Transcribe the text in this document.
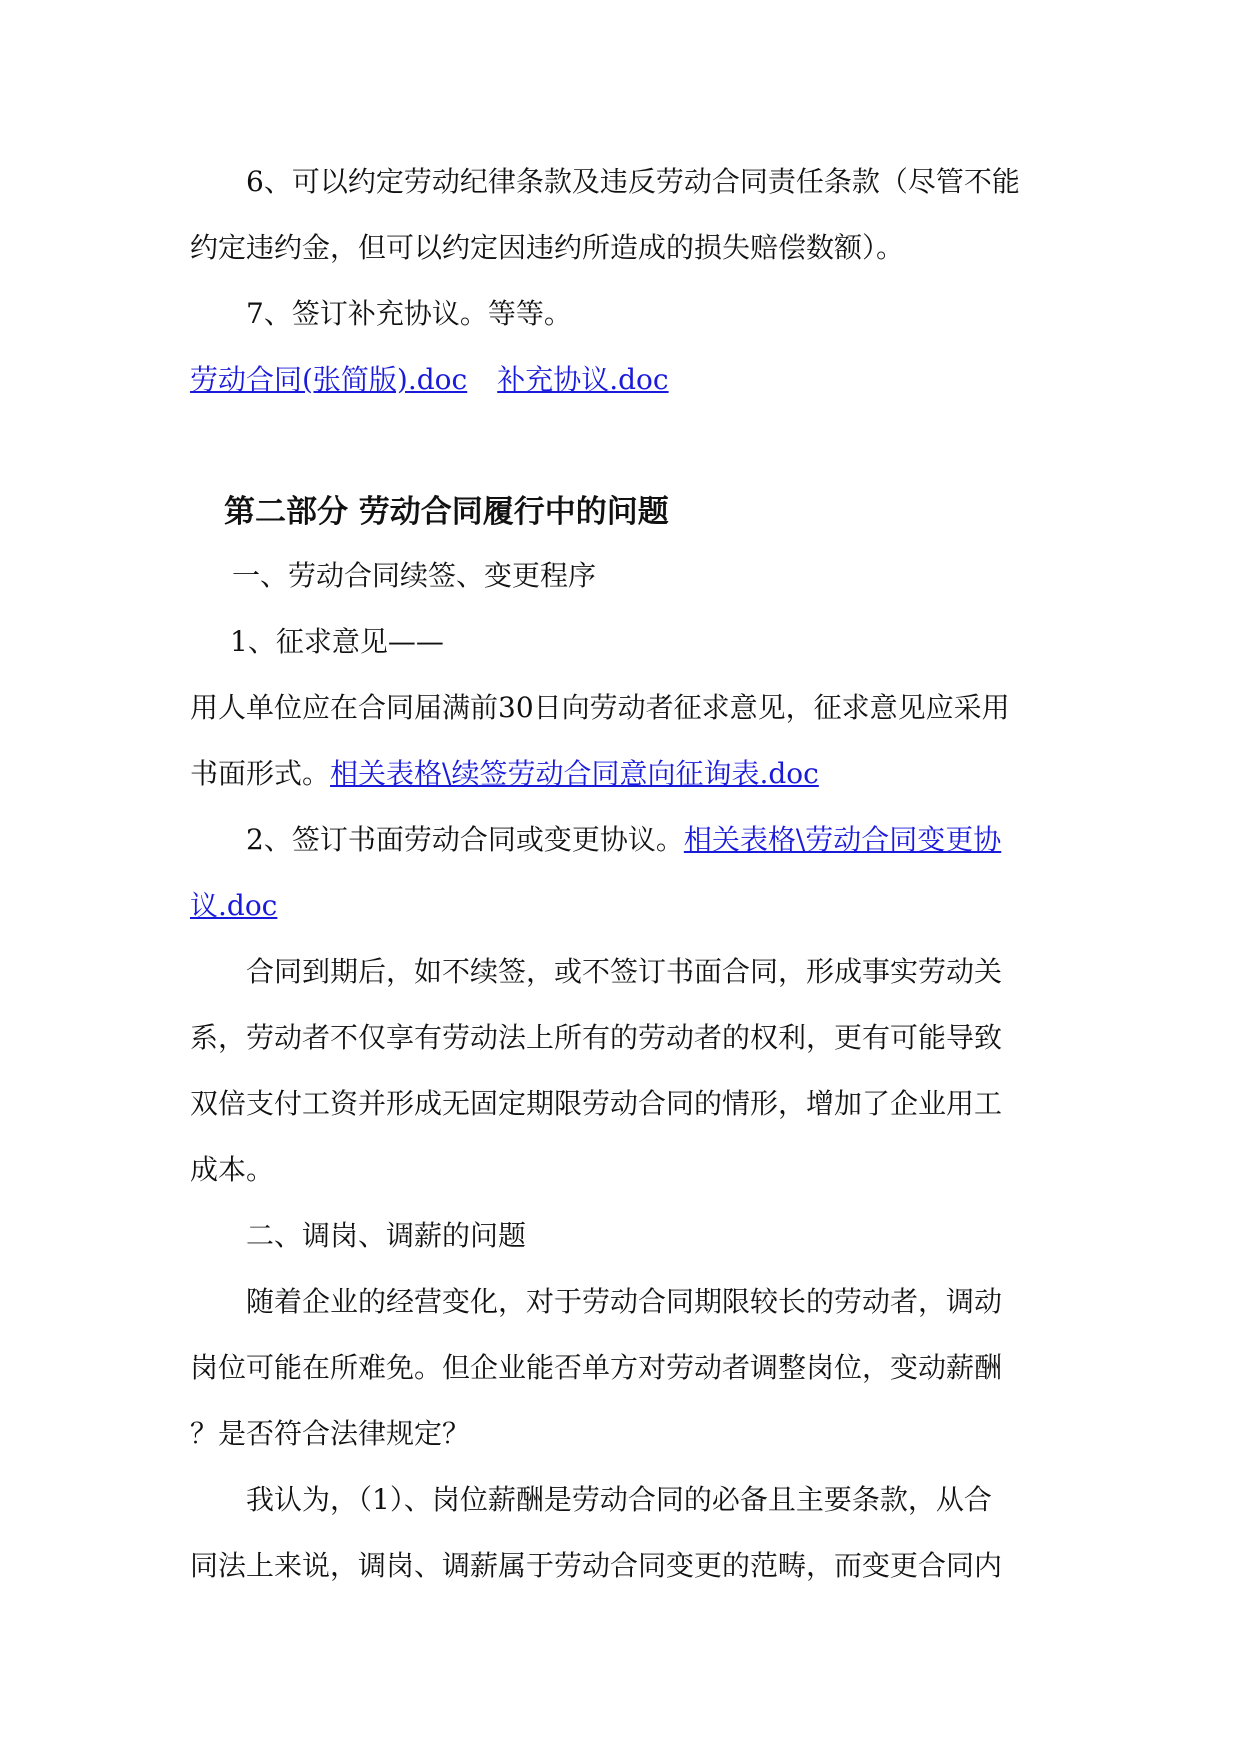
6、可以约定劳动纪律条款及违反劳动合同责任条款（尽管不能
约定违约金，但可以约定因违约所造成的损失赔偿数额）。
7、签订补充协议。等等。
劳动合同(张简版).doc 补充协议.doc
第二部分 劳动合同履行中的问题
一、劳动合同续签、变更程序
1、征求意见——
用人单位应在合同届满前30日向劳动者征求意见，征求意见应采用
书面形式。相关表格\续签劳动合同意向征询表.doc
2、签订书面劳动合同或变更协议。相关表格\劳动合同变更协
议.doc
合同到期后，如不续签，或不签订书面合同，形成事实劳动关
系，劳动者不仅享有劳动法上所有的劳动者的权利，更有可能导致
双倍支付工资并形成无固定期限劳动合同的情形，增加了企业用工
成本。
二、调岗、调薪的问题
随着企业的经营变化，对于劳动合同期限较长的劳动者，调动
岗位可能在所难免。但企业能否单方对劳动者调整岗位，变动薪酬
？是否符合法律规定？
我认为，（1）、岗位薪酬是劳动合同的必备且主要条款，从合
同法上来说，调岗、调薪属于劳动合同变更的范畴，而变更合同内
